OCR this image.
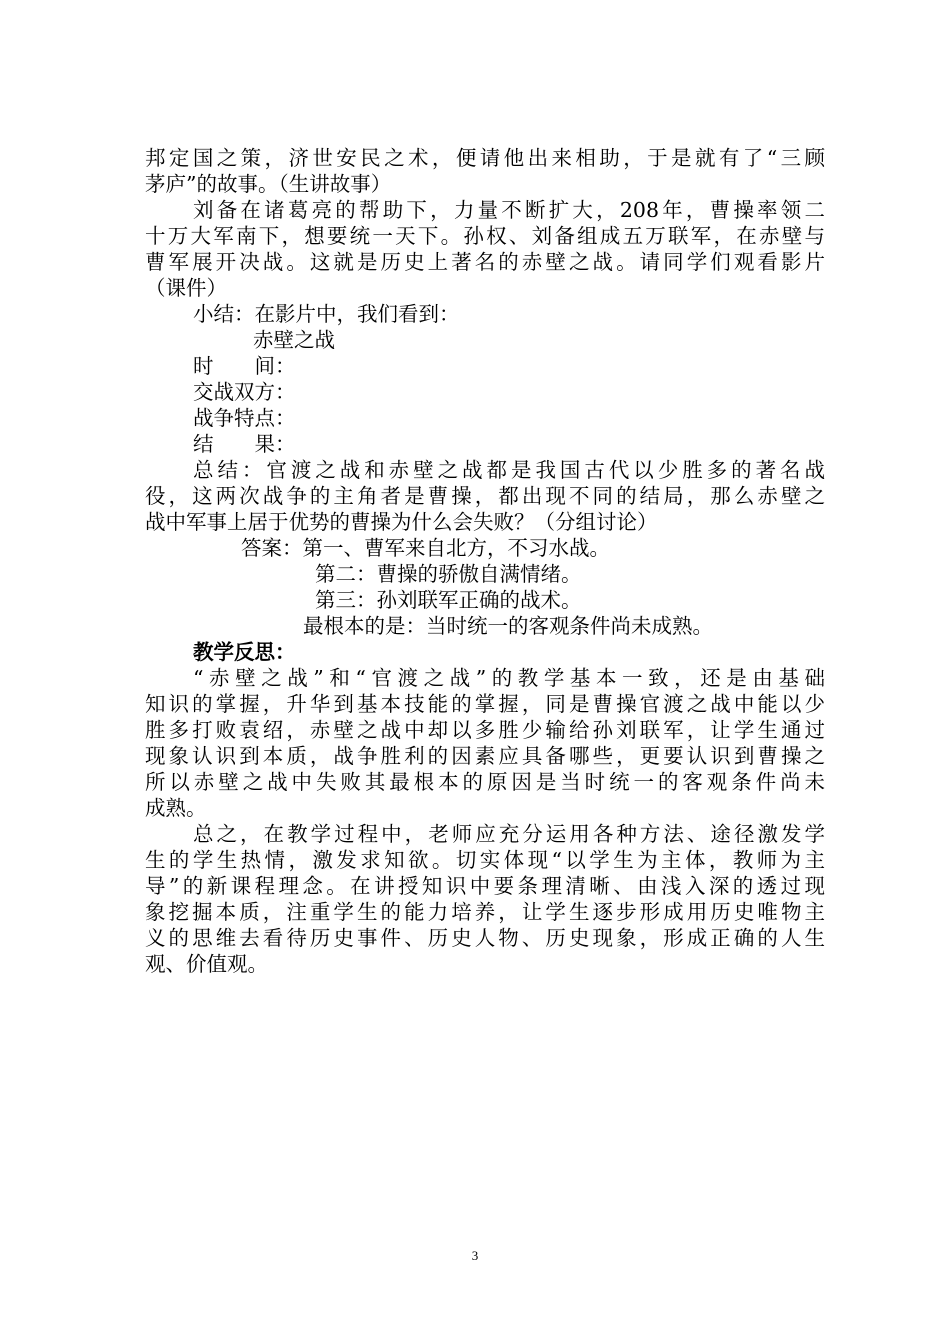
邦定国之策，济世安民之术，便请他出来相助，于是就有了“三顾
茅庐”的故事。（生讲故事）
刘备在诸葛亮的帮助下，力量不断扩大，208年，曹操率领二
十万大军南下，想要统一天下。孙权、刘备组成五万联军，在赤壁与
曹军展开决战。这就是历史上著名的赤壁之战。请同学们观看影片
（课件）
小结：在影片中，我们看到：
赤壁之战
时　　间：
交战双方：
战争特点：
结　　果：
总结：官渡之战和赤壁之战都是我国古代以少胜多的著名战
役，这两次战争的主角者是曹操，都出现不同的结局，那么赤壁之
战中军事上居于优势的曹操为什么会失败？（分组讨论）
答案：第一、曹军来自北方，不习水战。
第二：曹操的骄傲自满情绪。
第三：孙刘联军正确的战术。
最根本的是：当时统一的客观条件尚未成熟。
教学反思：
“赤壁之战”和“官渡之战”的教学基本一致，还是由基础
知识的掌握，升华到基本技能的掌握，同是曹操官渡之战中能以少
胜多打败袁绍，赤壁之战中却以多胜少输给孙刘联军，让学生通过
现象认识到本质，战争胜利的因素应具备哪些，更要认识到曹操之
所以赤壁之战中失败其最根本的原因是当时统一的客观条件尚未
成熟。
总之，在教学过程中，老师应充分运用各种方法、途径激发学
生的学生热情，激发求知欲。切实体现“以学生为主体，教师为主
导”的新课程理念。在讲授知识中要条理清晰、由浅入深的透过现
象挖掘本质，注重学生的能力培养，让学生逐步形成用历史唯物主
义的思维去看待历史事件、历史人物、历史现象，形成正确的人生
观、价值观。
3
